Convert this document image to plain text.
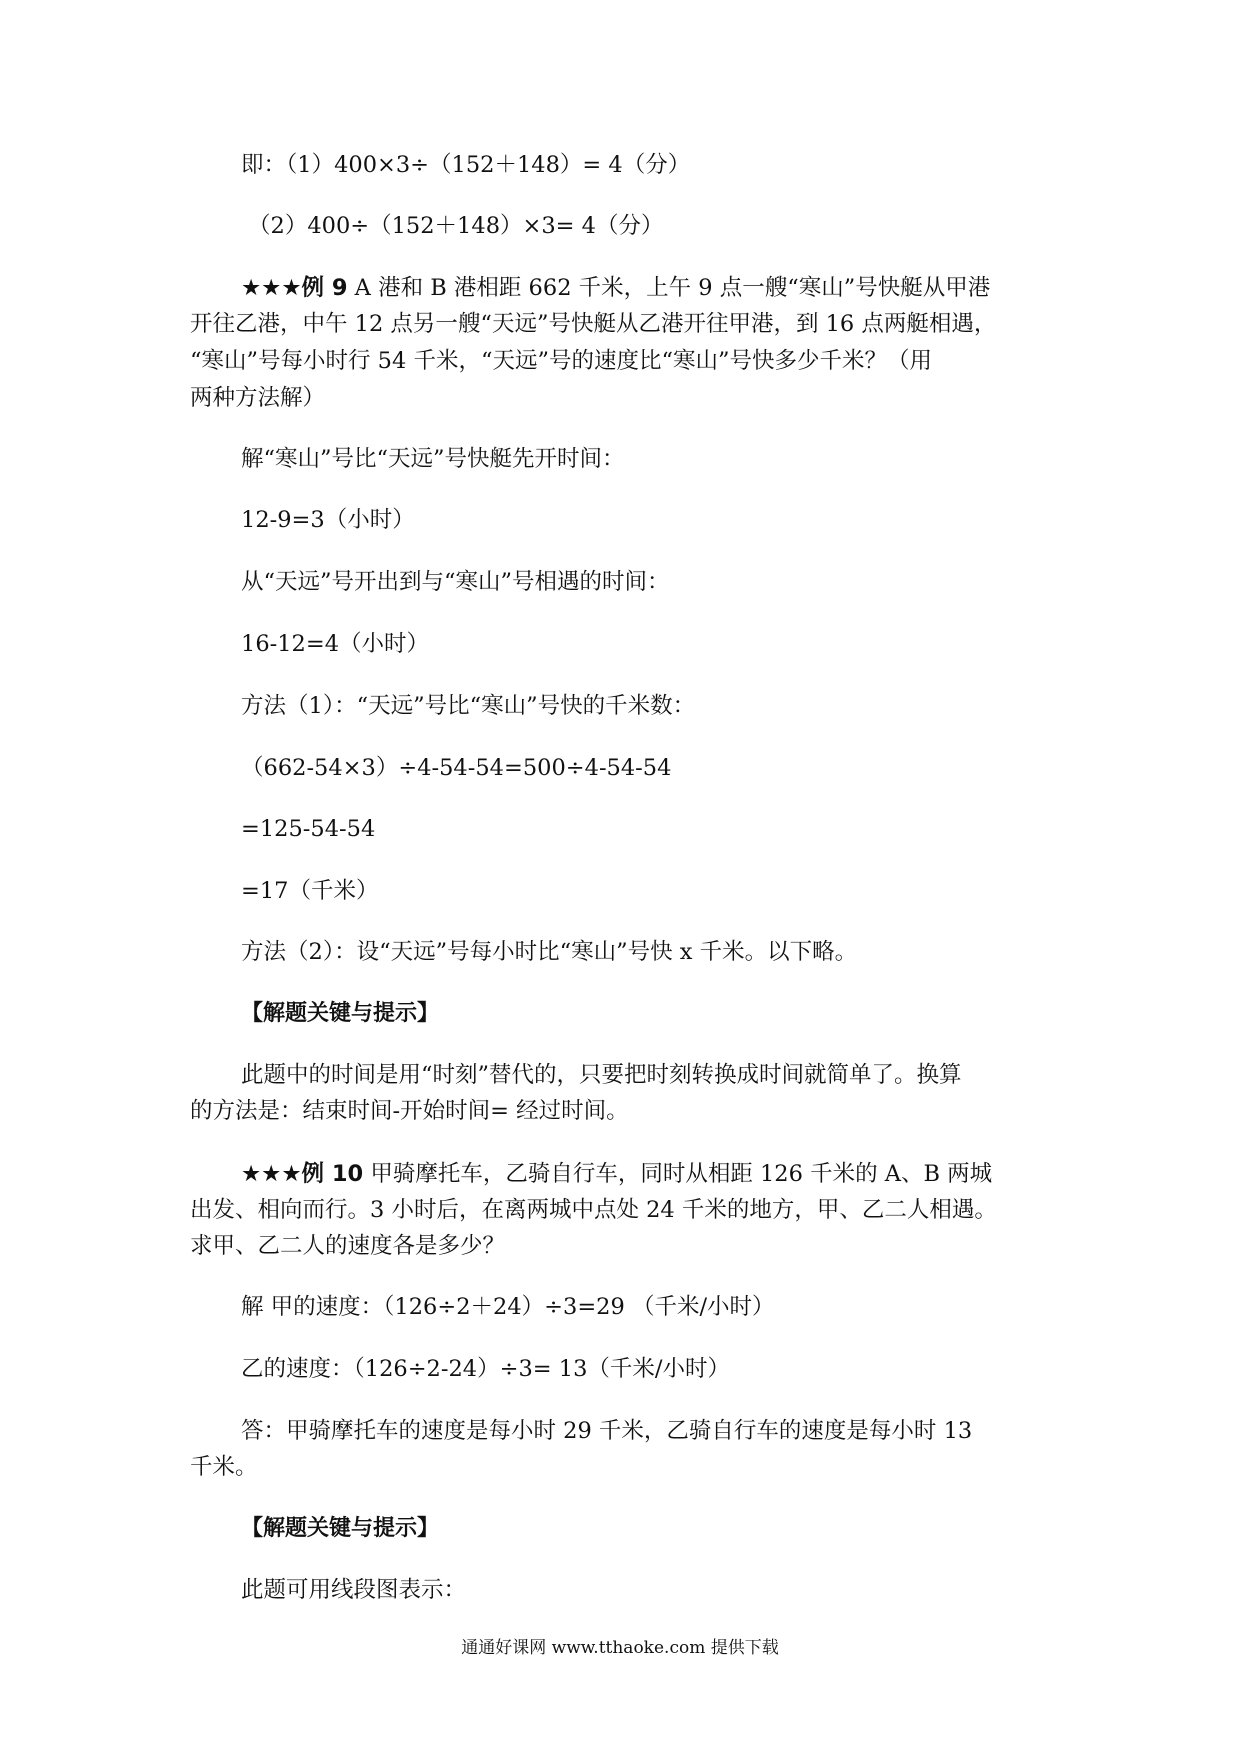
即：（1）400×3÷（152＋148）= 4（分）
（2）400÷（152＋148）×3= 4（分）
★★★例 9 A 港和 B 港相距 662 千米，上午 9 点一艘“寒山”号快艇从甲港
开往乙港，中午 12 点另一艘“天远”号快艇从乙港开往甲港，到 16 点两艇相遇，
“寒山”号每小时行 54 千米，“天远”号的速度比“寒山”号快多少千米？（用
两种方法解）
解“寒山”号比“天远”号快艇先开时间：
12-9=3（小时）
从“天远”号开出到与“寒山”号相遇的时间：
16-12=4（小时）
方法（1）：“天远”号比“寒山”号快的千米数：
（662-54×3）÷4-54-54=500÷4-54-54
=125-54-54
=17（千米）
方法（2）：设“天远”号每小时比“寒山”号快 x 千米。以下略。
【解题关键与提示】
此题中的时间是用“时刻”替代的，只要把时刻转换成时间就简单了。换算
的方法是：结束时间-开始时间= 经过时间。
★★★例 10 甲骑摩托车，乙骑自行车，同时从相距 126 千米的 A、B 两城
出发、相向而行。3 小时后，在离两城中点处 24 千米的地方，甲、乙二人相遇。
求甲、乙二人的速度各是多少？
解 甲的速度：（126÷2＋24）÷3=29 （千米/小时）
乙的速度：（126÷2-24）÷3= 13（千米/小时）
答：甲骑摩托车的速度是每小时 29 千米，乙骑自行车的速度是每小时 13
千米。
【解题关键与提示】
此题可用线段图表示：
通通好课网 www.tthaoke.com 提供下载
